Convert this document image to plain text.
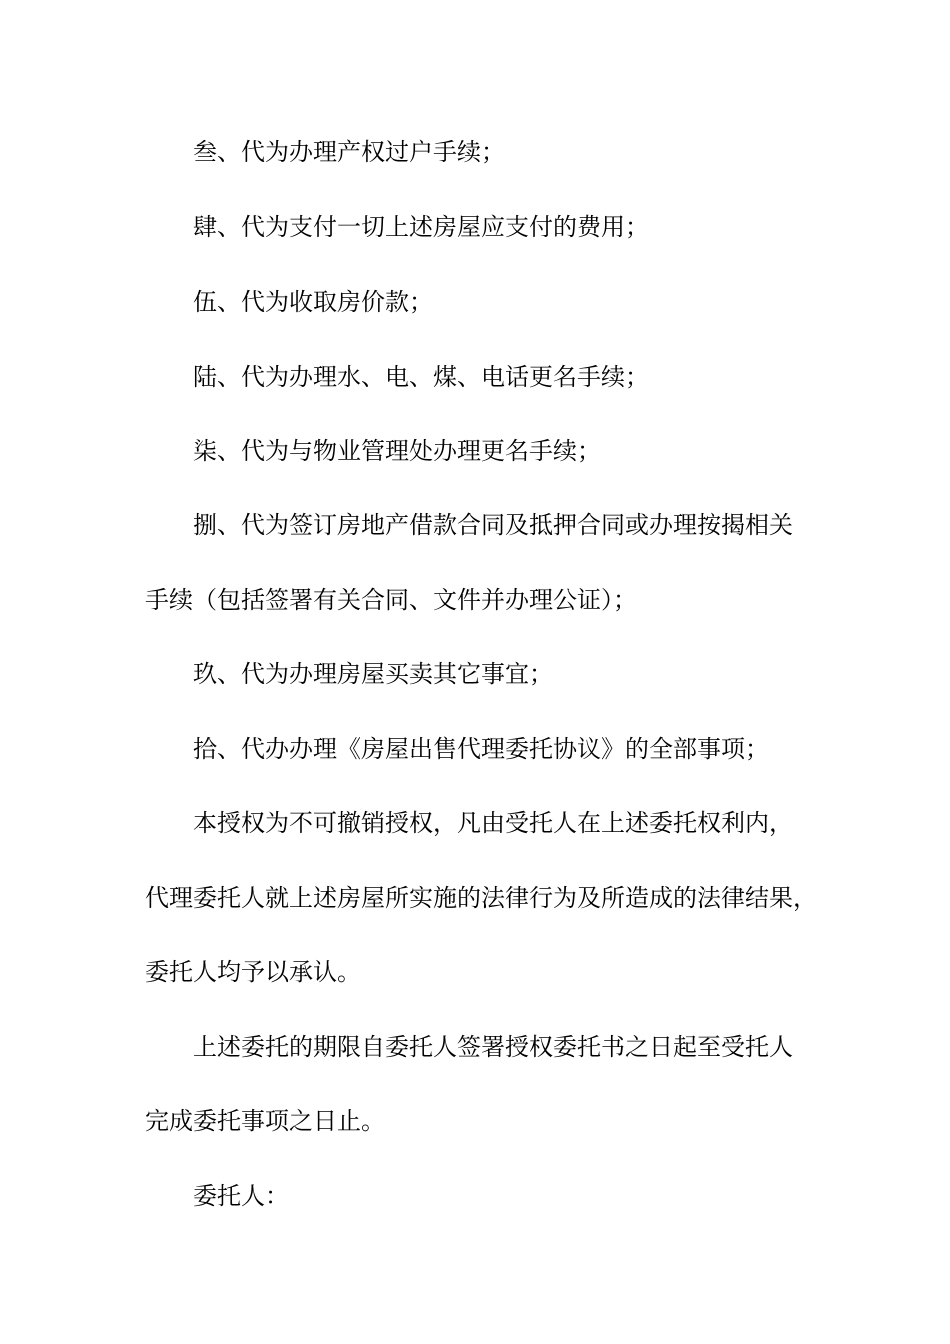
叁、代为办理产权过户手续；
肆、代为支付一切上述房屋应支付的费用；
伍、代为收取房价款；
陆、代为办理水、电、煤、电话更名手续；
柒、代为与物业管理处办理更名手续；
捌、代为签订房地产借款合同及抵押合同或办理按揭相关
手续（包括签署有关合同、文件并办理公证）；
玖、代为办理房屋买卖其它事宜；
拾、代办办理《房屋出售代理委托协议》的全部事项；
本授权为不可撤销授权，凡由受托人在上述委托权利内，
代理委托人就上述房屋所实施的法律行为及所造成的法律结果，
委托人均予以承认。
上述委托的期限自委托人签署授权委托书之日起至受托人
完成委托事项之日止。
委托人：
